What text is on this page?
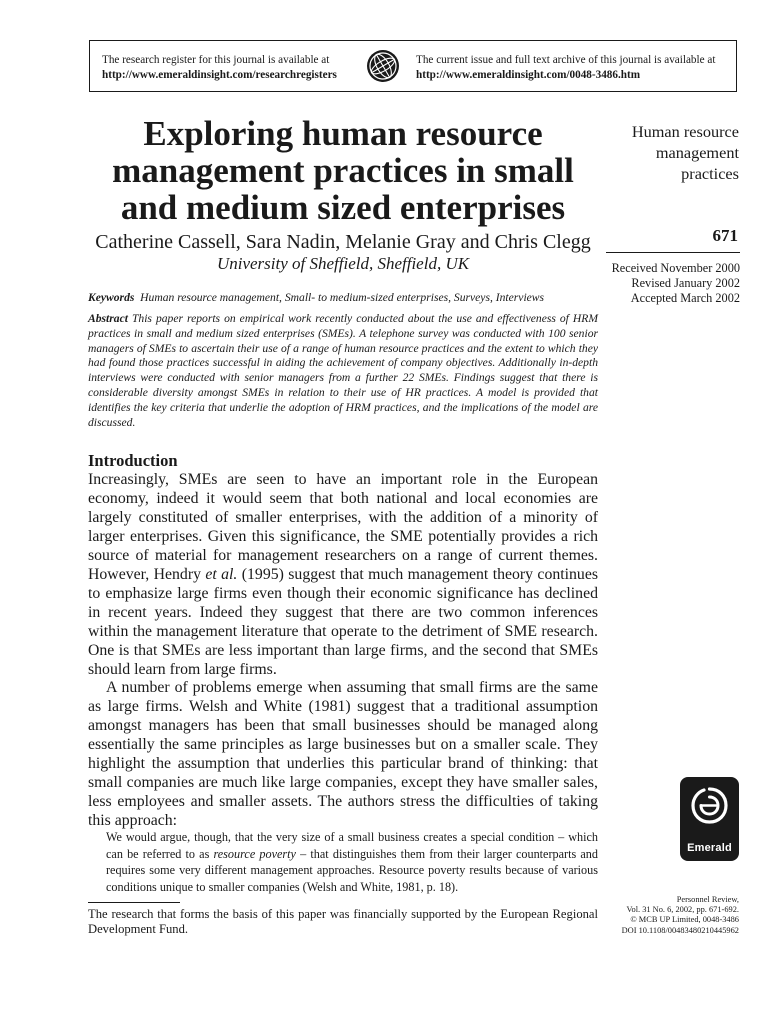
The research register for this journal is available at
http://www.emeraldinsight.com/researchregisters
The current issue and full text archive of this journal is available at
http://www.emeraldinsight.com/0048-3486.htm
Exploring human resource management practices in small and medium sized enterprises
Catherine Cassell, Sara Nadin, Melanie Gray and Chris Clegg
University of Sheffield, Sheffield, UK
Keywords Human resource management, Small- to medium-sized enterprises, Surveys, Interviews

Abstract This paper reports on empirical work recently conducted about the use and effectiveness of HRM practices in small and medium sized enterprises (SMEs). A telephone survey was conducted with 100 senior managers of SMEs to ascertain their use of a range of human resource practices and the extent to which they had found those practices successful in aiding the achievement of company objectives. Additionally in-depth interviews were conducted with senior managers from a further 22 SMEs. Findings suggest that there is considerable diversity amongst SMEs in relation to their use of HR practices. A model is provided that identifies the key criteria that underlie the adoption of HRM practices, and the implications of the model are discussed.

Introduction

Increasingly, SMEs are seen to have an important role in the European economy, indeed it would seem that both national and local economies are largely constituted of smaller enterprises, with the addition of a minority of larger enterprises. Given this significance, the SME potentially provides a rich source of material for management researchers on a range of current themes. However, Hendry et al. (1995) suggest that much management theory continues to emphasize large firms even though their economic significance has declined in recent years. Indeed they suggest that there are two common inferences within the management literature that operate to the detriment of SME research. One is that SMEs are less important than large firms, and the second that SMEs should learn from large firms.

A number of problems emerge when assuming that small firms are the same as large firms. Welsh and White (1981) suggest that a traditional assumption amongst managers has been that small businesses should be managed along essentially the same principles as large businesses but on a smaller scale. They highlight the assumption that underlies this particular brand of thinking: that small companies are much like large companies, except they have smaller sales, less employees and smaller assets. The authors stress the difficulties of taking this approach:

We would argue, though, that the very size of a small business creates a special condition – which can be referred to as resource poverty – that distinguishes them from their larger counterparts and requires some very different management approaches. Resource poverty results because of various conditions unique to smaller companies (Welsh and White, 1981, p. 18).

The research that forms the basis of this paper was financially supported by the European Regional Development Fund.

Human resource
management
practices
671
Received November 2000
Revised January 2002
Accepted March 2002
Emerald
Personnel Review,
Vol. 31 No. 6, 2002, pp. 671-692.
© MCB UP Limited, 0048-3486
DOI 10.1108/00483480210445962
